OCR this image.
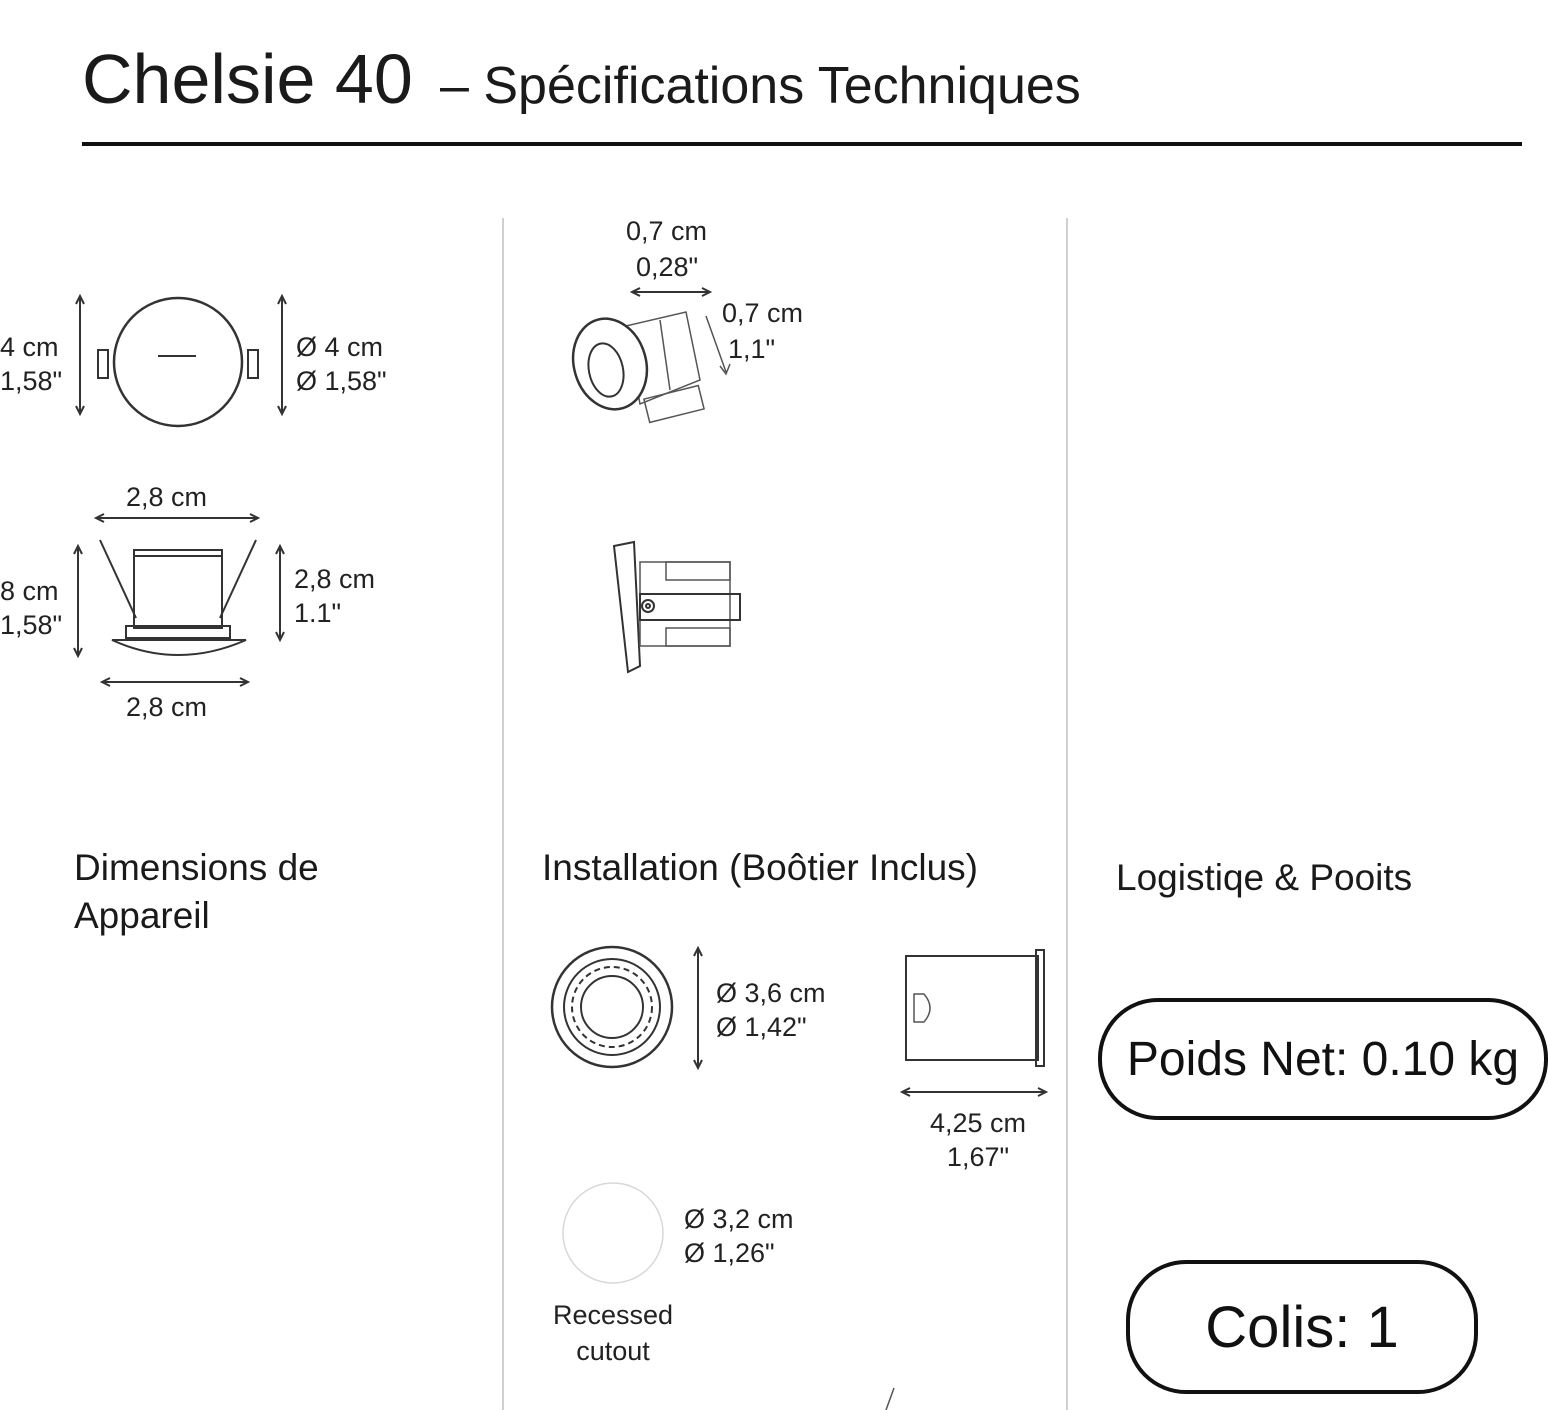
Chelsie 40 – Spécifications Techniques
4 cm
1,58"
Ø 4 cm
Ø 1,58"
2,8 cm
8 cm
1,58"
2,8 cm
1.1"
2,8 cm
Dimensions de
Appareil
0,7 cm
0,28"
0,7 cm
1,1"
Installation (Boôtier Inclus)
Ø 3,6 cm
Ø 1,42"
4,25 cm
1,67"
Ø 3,2 cm
Ø 1,26"
Recessed
cutout
Logistiqe & Pooits
Poids Net: 0.10 kg
Colis: 1
